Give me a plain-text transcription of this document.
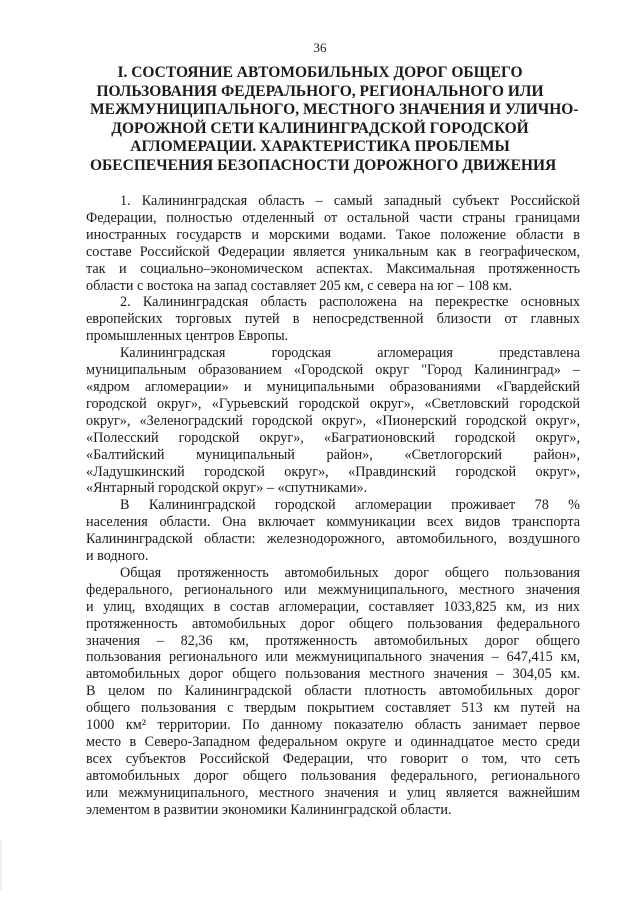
36
I. СОСТОЯНИЕ АВТОМОБИЛЬНЫХ ДОРОГ ОБЩЕГО
ПОЛЬЗОВАНИЯ ФЕДЕРАЛЬНОГО, РЕГИОНАЛЬНОГО ИЛИ
МЕЖМУНИЦИПАЛЬНОГО, МЕСТНОГО ЗНАЧЕНИЯ И УЛИЧНО-
ДОРОЖНОЙ СЕТИ КАЛИНИНГРАДСКОЙ ГОРОДСКОЙ
АГЛОМЕРАЦИИ. ХАРАКТЕРИСТИКА ПРОБЛЕМЫ
ОБЕСПЕЧЕНИЯ БЕЗОПАСНОСТИ ДОРОЖНОГО ДВИЖЕНИЯ

1. Калининградская область – самый западный субъект Российской
Федерации, полностью отделенный от остальной части страны границами
иностранных государств и морскими водами. Такое положение области в
составе Российской Федерации является уникальным как в географическом,
так и социально–экономическом аспектах. Максимальная протяженность
области с востока на запад составляет 205 км, с севера на юг – 108 км.

2. Калининградская область расположена на перекрестке основных
европейских торговых путей в непосредственной близости от главных
промышленных центров Европы.

Калининградская городская агломерация представлена
муниципальным образованием «Городской округ "Город Калининград» –
«ядром агломерации» и муниципальными образованиями «Гвардейский
городской округ», «Гурьевский городской округ», «Светловский городской
округ», «Зеленоградский городской округ», «Пионерский городской округ»,
«Полесский городской округ», «Багратионовский городской округ»,
«Балтийский муниципальный район», «Светлогорский район»,
«Ладушкинский городской округ», «Правдинский городской округ»,
«Янтарный городской округ» – «спутниками».

В Калининградской городской агломерации проживает 78 %
населения области. Она включает коммуникации всех видов транспорта
Калининградской области: железнодорожного, автомобильного, воздушного
и водного.

Общая протяженность автомобильных дорог общего пользования
федерального, регионального или межмуниципального, местного значения
и улиц, входящих в состав агломерации, составляет 1033,825 км, из них
протяженность автомобильных дорог общего пользования федерального
значения – 82,36 км, протяженность автомобильных дорог общего
пользования регионального или межмуниципального значения – 647,415 км,
автомобильных дорог общего пользования местного значения – 304,05 км.
В целом по Калининградской области плотность автомобильных дорог
общего пользования с твердым покрытием составляет 513 км путей на
1000 км² территории. По данному показателю область занимает первое
место в Северо-Западном федеральном округе и одиннадцатое место среди
всех субъектов Российской Федерации, что говорит о том, что сеть
автомобильных дорог общего пользования федерального, регионального
или межмуниципального, местного значения и улиц является важнейшим
элементом в развитии экономики Калининградской области.
